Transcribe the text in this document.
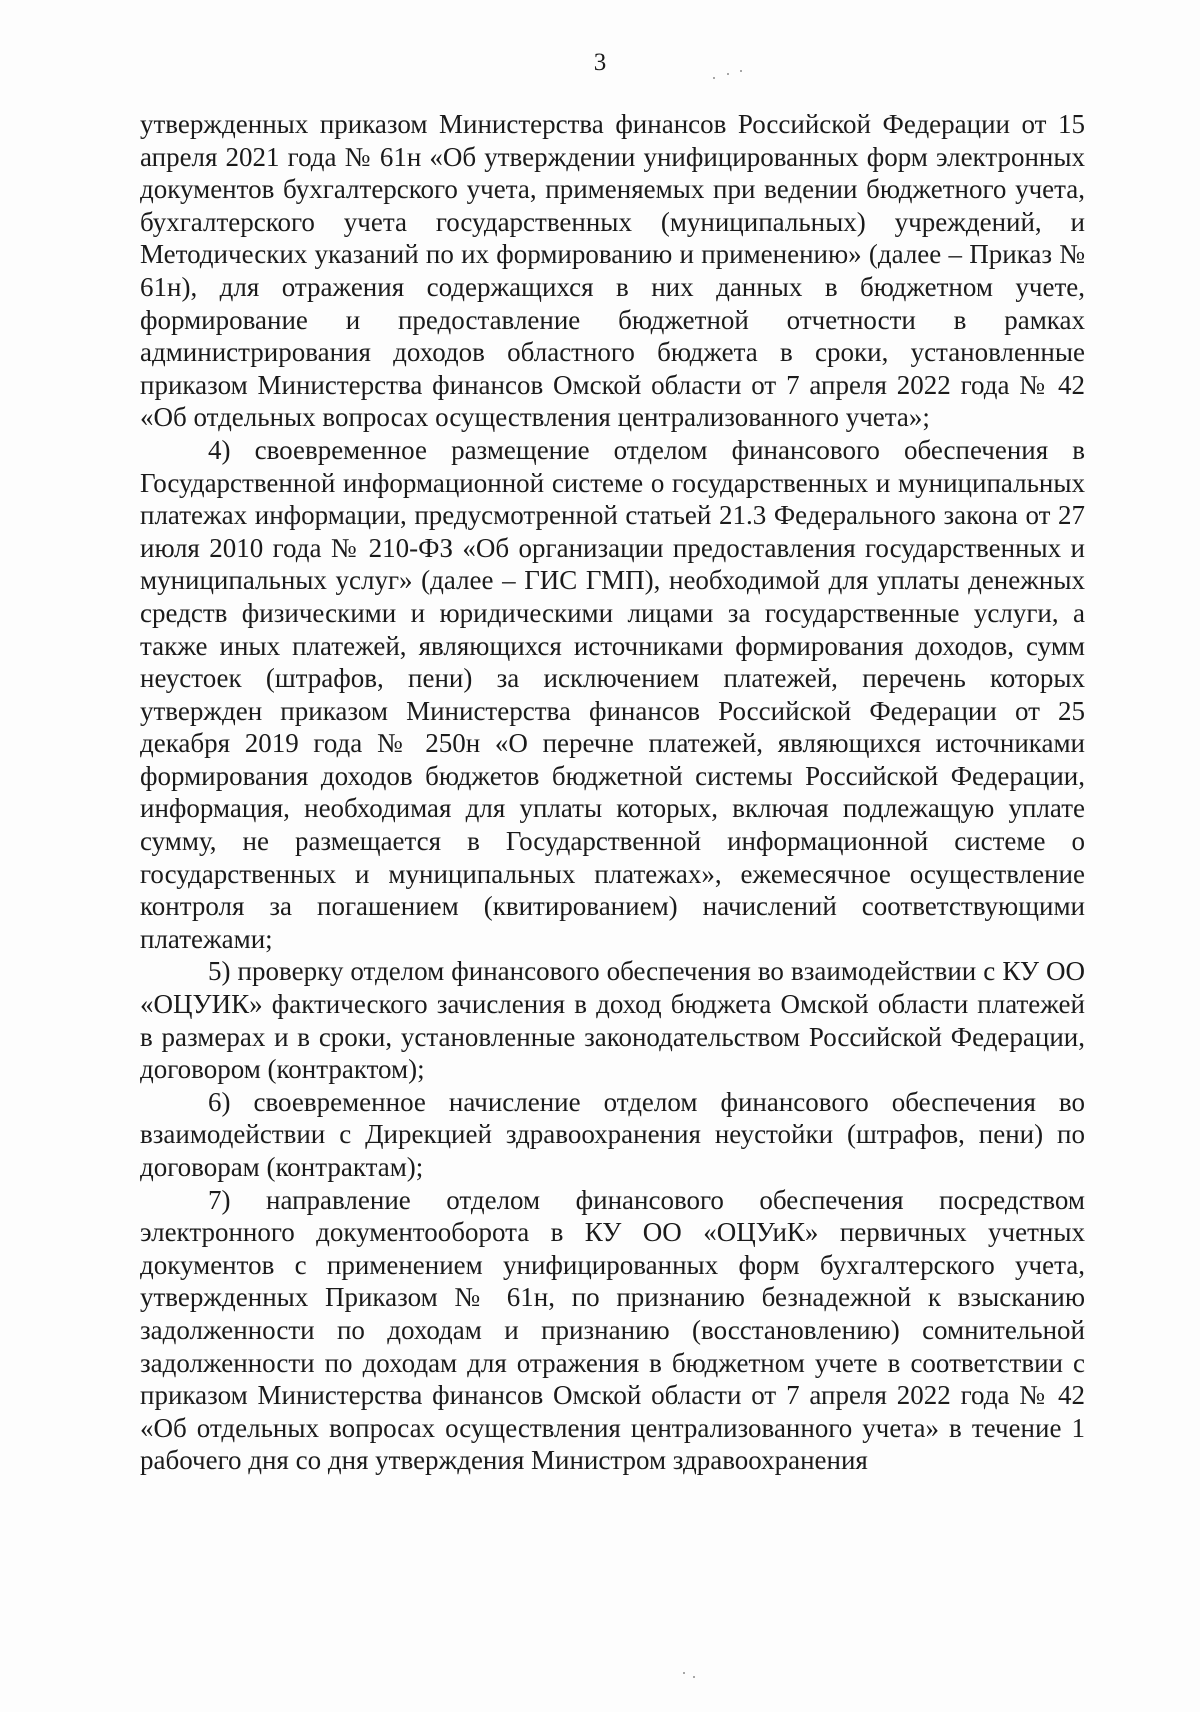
3

утвержденных приказом Министерства финансов Российской Федерации от 15 апреля 2021 года № 61н «Об утверждении унифицированных форм электронных документов бухгалтерского учета, применяемых при ведении бюджетного учета, бухгалтерского учета государственных (муниципальных) учреждений, и Методических указаний по их формированию и применению» (далее – Приказ № 61н), для отражения содержащихся в них данных в бюджетном учете, формирование и предоставление бюджетной отчетности в рамках администрирования доходов областного бюджета в сроки, установленные приказом Министерства финансов Омской области от 7 апреля 2022 года № 42 «Об отдельных вопросах осуществления централизованного учета»;

4) своевременное размещение отделом финансового обеспечения в Государственной информационной системе о государственных и муниципальных платежах информации, предусмотренной статьей 21.3 Федерального закона от 27 июля 2010 года № 210-ФЗ «Об организации предоставления государственных и муниципальных услуг» (далее – ГИС ГМП), необходимой для уплаты денежных средств физическими и юридическими лицами за государственные услуги, а также иных платежей, являющихся источниками формирования доходов, сумм неустоек (штрафов, пени) за исключением платежей, перечень которых утвержден приказом Министерства финансов Российской Федерации от 25 декабря 2019 года № 250н «О перечне платежей, являющихся источниками формирования доходов бюджетов бюджетной системы Российской Федерации, информация, необходимая для уплаты которых, включая подлежащую уплате сумму, не размещается в Государственной информационной системе о государственных и муниципальных платежах», ежемесячное осуществление контроля за погашением (квитированием) начислений соответствующими платежами;

5) проверку отделом финансового обеспечения во взаимодействии с КУ ОО «ОЦУИК» фактического зачисления в доход бюджета Омской области платежей в размерах и в сроки, установленные законодательством Российской Федерации, договором (контрактом);

6) своевременное начисление отделом финансового обеспечения во взаимодействии с Дирекцией здравоохранения неустойки (штрафов, пени) по договорам (контрактам);

7) направление отделом финансового обеспечения посредством электронного документооборота в КУ ОО «ОЦУиК» первичных учетных документов с применением унифицированных форм бухгалтерского учета, утвержденных Приказом № 61н, по признанию безнадежной к взысканию задолженности по доходам и признанию (восстановлению) сомнительной задолженности по доходам для отражения в бюджетном учете в соответствии с приказом Министерства финансов Омской области от 7 апреля 2022 года № 42 «Об отдельных вопросах осуществления централизованного учета» в течение 1 рабочего дня со дня утверждения Министром здравоохранения
